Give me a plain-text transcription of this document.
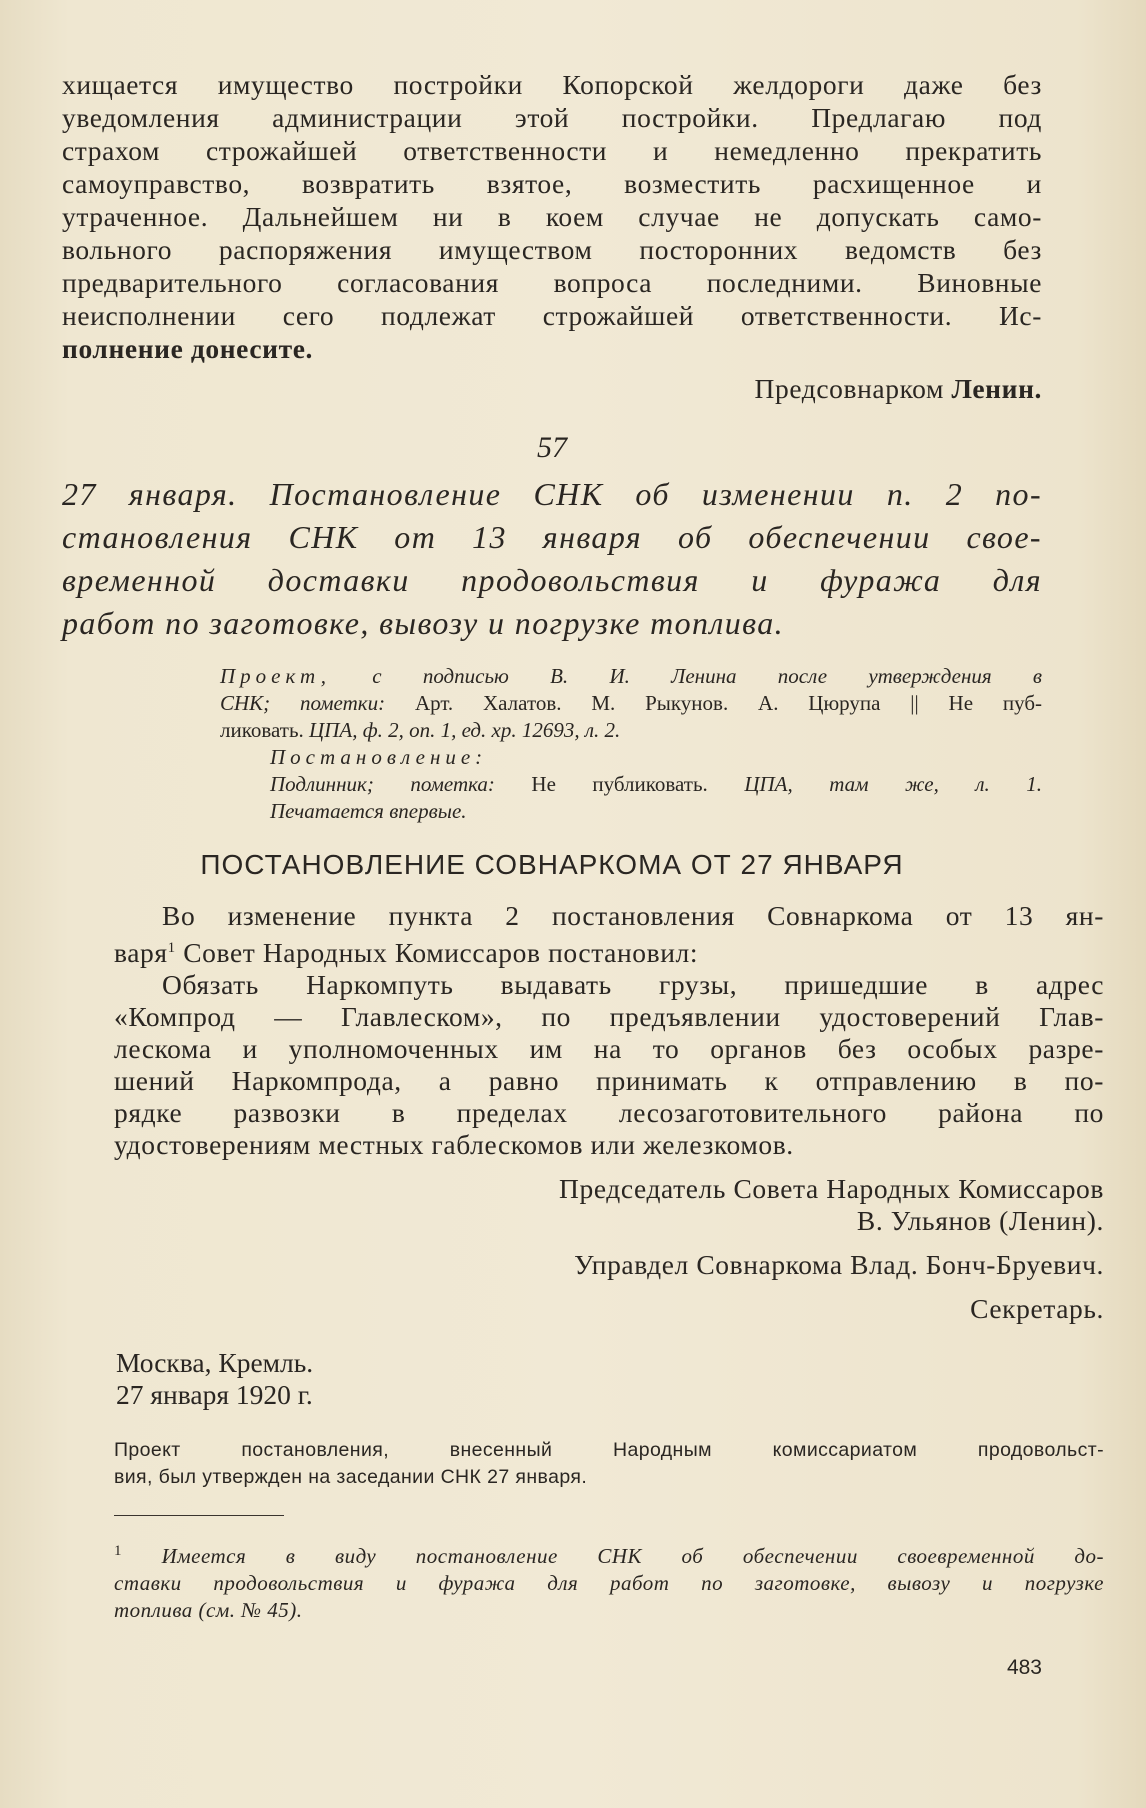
хищается имущество постройки Копорской желдороги даже без
уведомления администрации этой постройки. Предлагаю под
страхом строжайшей ответственности и немедленно прекратить
самоуправство, возвратить взятое, возместить расхищенное и
утраченное. Дальнейшем ни в коем случае не допускать само-
вольного распоряжения имуществом посторонних ведомств без
предварительного согласования вопроса последними. Виновные
неисполнении сего подлежат строжайшей ответственности. Ис-
полнение донесите.
Предсовнарком Ленин.
57
27 января. Постановление СНК об изменении п. 2 по-
становления СНК от 13 января об обеспечении свое-
временной доставки продовольствия и фуража для
работ по заготовке, вывозу и погрузке топлива.
Проект, с подписью В. И. Ленина после утверждения в
СНК; пометки: Арт. Халатов. М. Рыкунов. А. Цюрупа || Не пуб-
ликовать. ЦПА, ф. 2, оп. 1, ед. хр. 12693, л. 2.
Постановление:
Подлинник; пометка: Не публиковать. ЦПА, там же, л. 1.
Печатается впервые.
ПОСТАНОВЛЕНИЕ СОВНАРКОМА ОТ 27 ЯНВАРЯ
Во изменение пункта 2 постановления Совнаркома от 13 ян-
варя$^1$ Совет Народных Комиссаров постановил:
Обязать Наркомпуть выдавать грузы, пришедшие в адрес
«Компрод — Главлеском», по предъявлении удостоверений Глав-
лескома и уполномоченных им на то органов без особых разре-
шений Наркомпрода, а равно принимать к отправлению в по-
рядке развозки в пределах лесозаготовительного района по
удостоверениям местных габлескомов или железкомов.
Председатель Совета Народных Комиссаров
В. Ульянов (Ленин).
Управдел Совнаркома Влад. Бонч-Бруевич.
Секретарь.
Москва, Кремль.
27 января 1920 г.
Проект постановления, внесенный Народным комиссариатом продовольст-
вия, был утвержден на заседании СНК 27 января.
$^1$ Имеется в виду постановление СНК об обеспечении своевременной до-
ставки продовольствия и фуража для работ по заготовке, вывозу и погрузке
топлива (см. № 45).
483
